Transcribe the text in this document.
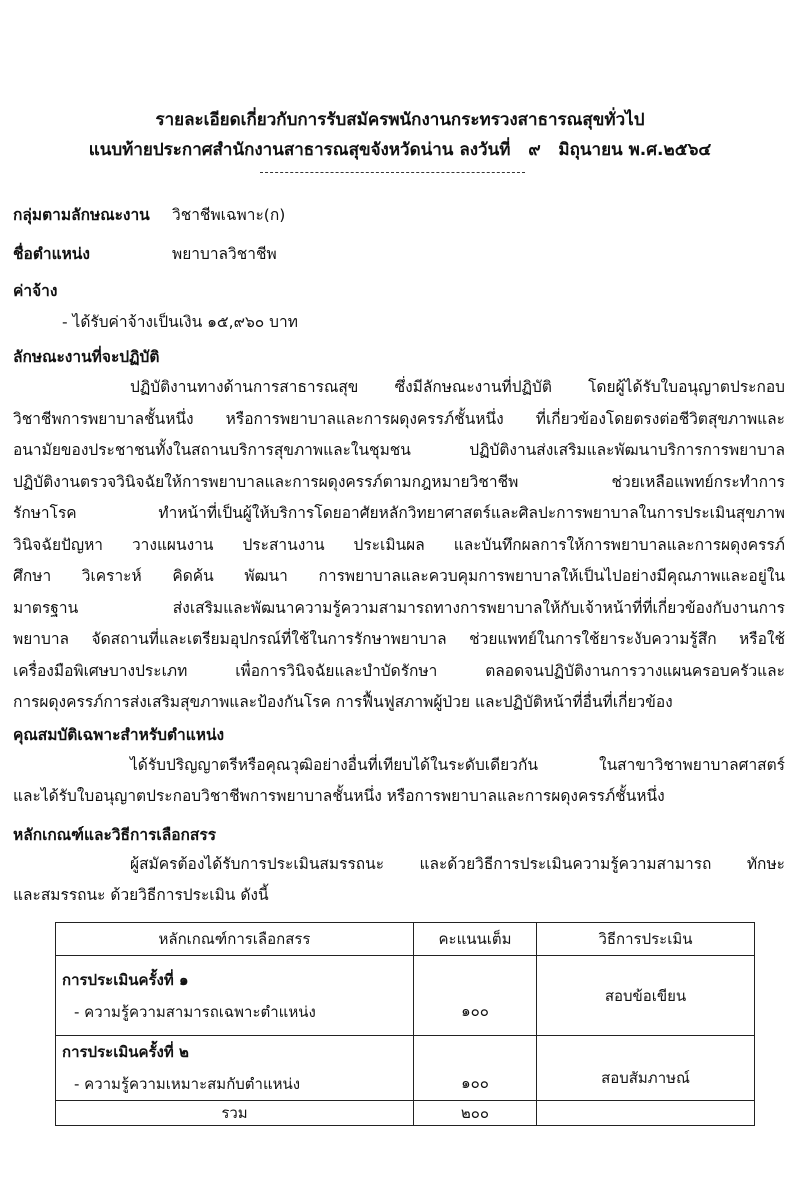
รายละเอียดเกี่ยวกับการรับสมัครพนักงานกระทรวงสาธารณสุขทั่วไป
แนบท้ายประกาศสำนักงานสาธารณสุขจังหวัดน่าน ลงวันที่ ๙ มิถุนายน พ.ศ.๒๕๖๔
กลุ่มตามลักษณะงาน วิชาชีพเฉพาะ(ก)
ชื่อตำแหน่ง	พยาบาลวิชาชีพ
ค่าจ้าง
- ได้รับค่าจ้างเป็นเงิน ๑๕,๙๖๐ บาท
ลักษณะงานที่จะปฏิบัติ
ปฏิบัติงานทางด้านการสาธารณสุข ซึ่งมีลักษณะงานที่ปฏิบัติ โดยผู้ได้รับใบอนุญาตประกอบ
วิชาชีพการพยาบาลชั้นหนึ่ง หรือการพยาบาลและการผดุงครรภ์ชั้นหนึ่ง ที่เกี่ยวข้องโดยตรงต่อชีวิตสุขภาพและ
อนามัยของประชาชนทั้งในสถานบริการสุขภาพและในชุมชน ปฏิบัติงานส่งเสริมและพัฒนาบริการการพยาบาล
ปฏิบัติงานตรวจวินิจฉัยให้การพยาบาลและการผดุงครรภ์ตามกฎหมายวิชาชีพ ช่วยเหลือแพทย์กระทำการ
รักษาโรค ทำหน้าที่เป็นผู้ให้บริการโดยอาศัยหลักวิทยาศาสตร์และศิลปะการพยาบาลในการประเมินสุขภาพ
วินิจฉัยปัญหา วางแผนงาน ประสานงาน ประเมินผล และบันทึกผลการให้การพยาบาลและการผดุงครรภ์
ศึกษา วิเคราะห์ คิดค้น พัฒนา การพยาบาลและควบคุมการพยาบาลให้เป็นไปอย่างมีคุณภาพและอยู่ใน
มาตรฐาน ส่งเสริมและพัฒนาความรู้ความสามารถทางการพยาบาลให้กับเจ้าหน้าที่ที่เกี่ยวข้องกับงานการ
พยาบาล จัดสถานที่และเตรียมอุปกรณ์ที่ใช้ในการรักษาพยาบาล ช่วยแพทย์ในการใช้ยาระงับความรู้สึก หรือใช้
เครื่องมือพิเศษบางประเภท เพื่อการวินิจฉัยและบำบัดรักษา ตลอดจนปฏิบัติงานการวางแผนครอบครัวและ
การผดุงครรภ์การส่งเสริมสุขภาพและป้องกันโรค การฟื้นฟูสภาพผู้ป่วย และปฏิบัติหน้าที่อื่นที่เกี่ยวข้อง
คุณสมบัติเฉพาะสำหรับตำแหน่ง
ได้รับปริญญาตรีหรือคุณวุฒิอย่างอื่นที่เทียบได้ในระดับเดียวกัน ในสาขาวิชาพยาบาลศาสตร์
และได้รับใบอนุญาตประกอบวิชาชีพการพยาบาลชั้นหนึ่ง หรือการพยาบาลและการผดุงครรภ์ชั้นหนึ่ง
หลักเกณฑ์และวิธีการเลือกสรร
ผู้สมัครต้องได้รับการประเมินสมรรถนะ และด้วยวิธีการประเมินความรู้ความสามารถ ทักษะ
และสมรรถนะ ด้วยวิธีการประเมิน ดังนี้
หลักเกณฑ์การเลือกสรร	คะแนนเต็ม	วิธีการประเมิน

การประเมินครั้งที่ ๑
- ความรู้ความสามารถเฉพาะตำแหน่ง	๑๐๐	สอบข้อเขียน

การประเมินครั้งที่ ๒
- ความรู้ความเหมาะสมกับตำแหน่ง	๑๐๐	สอบสัมภาษณ์
รวม	๒๐๐	
